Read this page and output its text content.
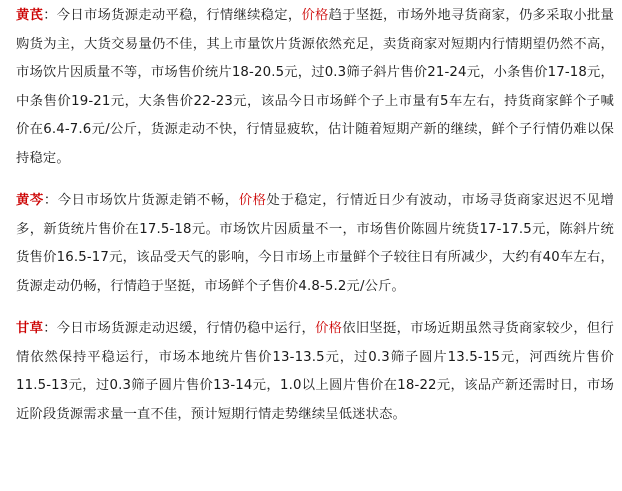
黄芪：今日市场货源走动平稳，行情继续稳定，价格趋于坚挺，市场外地寻货商家，仍多采取小批量购货为主，大货交易量仍不佳，其上市量饮片货源依然充足，卖货商家对短期内行情期望仍然不高，市场饮片因质量不等，市场售价统片18-20.5元，过0.3筛子斜片售价21-24元，小条售价17-18元，中条售价19-21元，大条售价22-23元，该品今日市场鲜个子上市量有5车左右，持货商家鲜个子喊价在6.4-7.6元/公斤，货源走动不快，行情显疲软，估计随着短期产新的继续，鲜个子行情仍难以保持稳定。

黄芩：今日市场饮片货源走销不畅，价格处于稳定，行情近日少有波动，市场寻货商家迟迟不见增多，新货统片售价在17.5-18元。市场饮片因质量不一，市场售价陈圆片统货17-17.5元，陈斜片统货售价16.5-17元，该品受天气的影响，今日市场上市量鲜个子较往日有所减少，大约有40车左右，货源走动仍畅，行情趋于坚挺，市场鲜个子售价4.8-5.2元/公斤。

甘草：今日市场货源走动迟缓，行情仍稳中运行，价格依旧坚挺，市场近期虽然寻货商家较少，但行情依然保持平稳运行，市场本地统片售价13-13.5元，过0.3筛子圆片13.5-15元，河西统片售价11.5-13元，过0.3筛子圆片售价13-14元，1.0以上圆片售价在18-22元，该品产新还需时日，市场近阶段货源需求量一直不佳，预计短期行情走势继续呈低迷状态。
